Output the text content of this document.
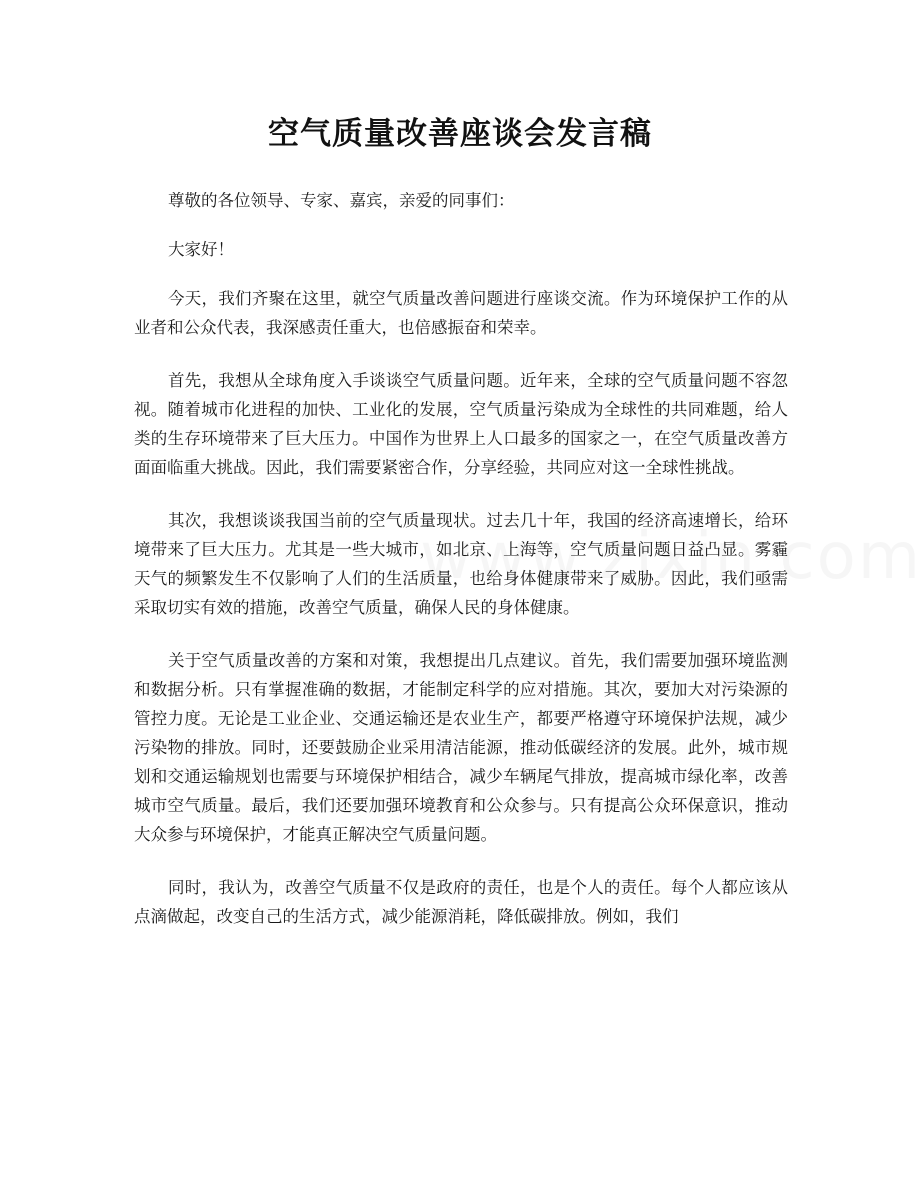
空气质量改善座谈会发言稿

尊敬的各位领导、专家、嘉宾，亲爱的同事们：

大家好！

今天，我们齐聚在这里，就空气质量改善问题进行座谈交流。作为环境保护工作的从业者和公众代表，我深感责任重大，也倍感振奋和荣幸。

首先，我想从全球角度入手谈谈空气质量问题。近年来，全球的空气质量问题不容忽视。随着城市化进程的加快、工业化的发展，空气质量污染成为全球性的共同难题，给人类的生存环境带来了巨大压力。中国作为世界上人口最多的国家之一，在空气质量改善方面面临重大挑战。因此，我们需要紧密合作，分享经验，共同应对这一全球性挑战。

其次，我想谈谈我国当前的空气质量现状。过去几十年，我国的经济高速增长，给环境带来了巨大压力。尤其是一些大城市，如北京、上海等，空气质量问题日益凸显。雾霾天气的频繁发生不仅影响了人们的生活质量，也给身体健康带来了威胁。因此，我们亟需采取切实有效的措施，改善空气质量，确保人民的身体健康。

关于空气质量改善的方案和对策，我想提出几点建议。首先，我们需要加强环境监测和数据分析。只有掌握准确的数据，才能制定科学的应对措施。其次，要加大对污染源的管控力度。无论是工业企业、交通运输还是农业生产，都要严格遵守环境保护法规，减少污染物的排放。同时，还要鼓励企业采用清洁能源，推动低碳经济的发展。此外，城市规划和交通运输规划也需要与环境保护相结合，减少车辆尾气排放，提高城市绿化率，改善城市空气质量。最后，我们还要加强环境教育和公众参与。只有提高公众环保意识，推动大众参与环境保护，才能真正解决空气质量问题。

同时，我认为，改善空气质量不仅是政府的责任，也是个人的责任。每个人都应该从点滴做起，改变自己的生活方式，减少能源消耗，降低碳排放。例如，我们
